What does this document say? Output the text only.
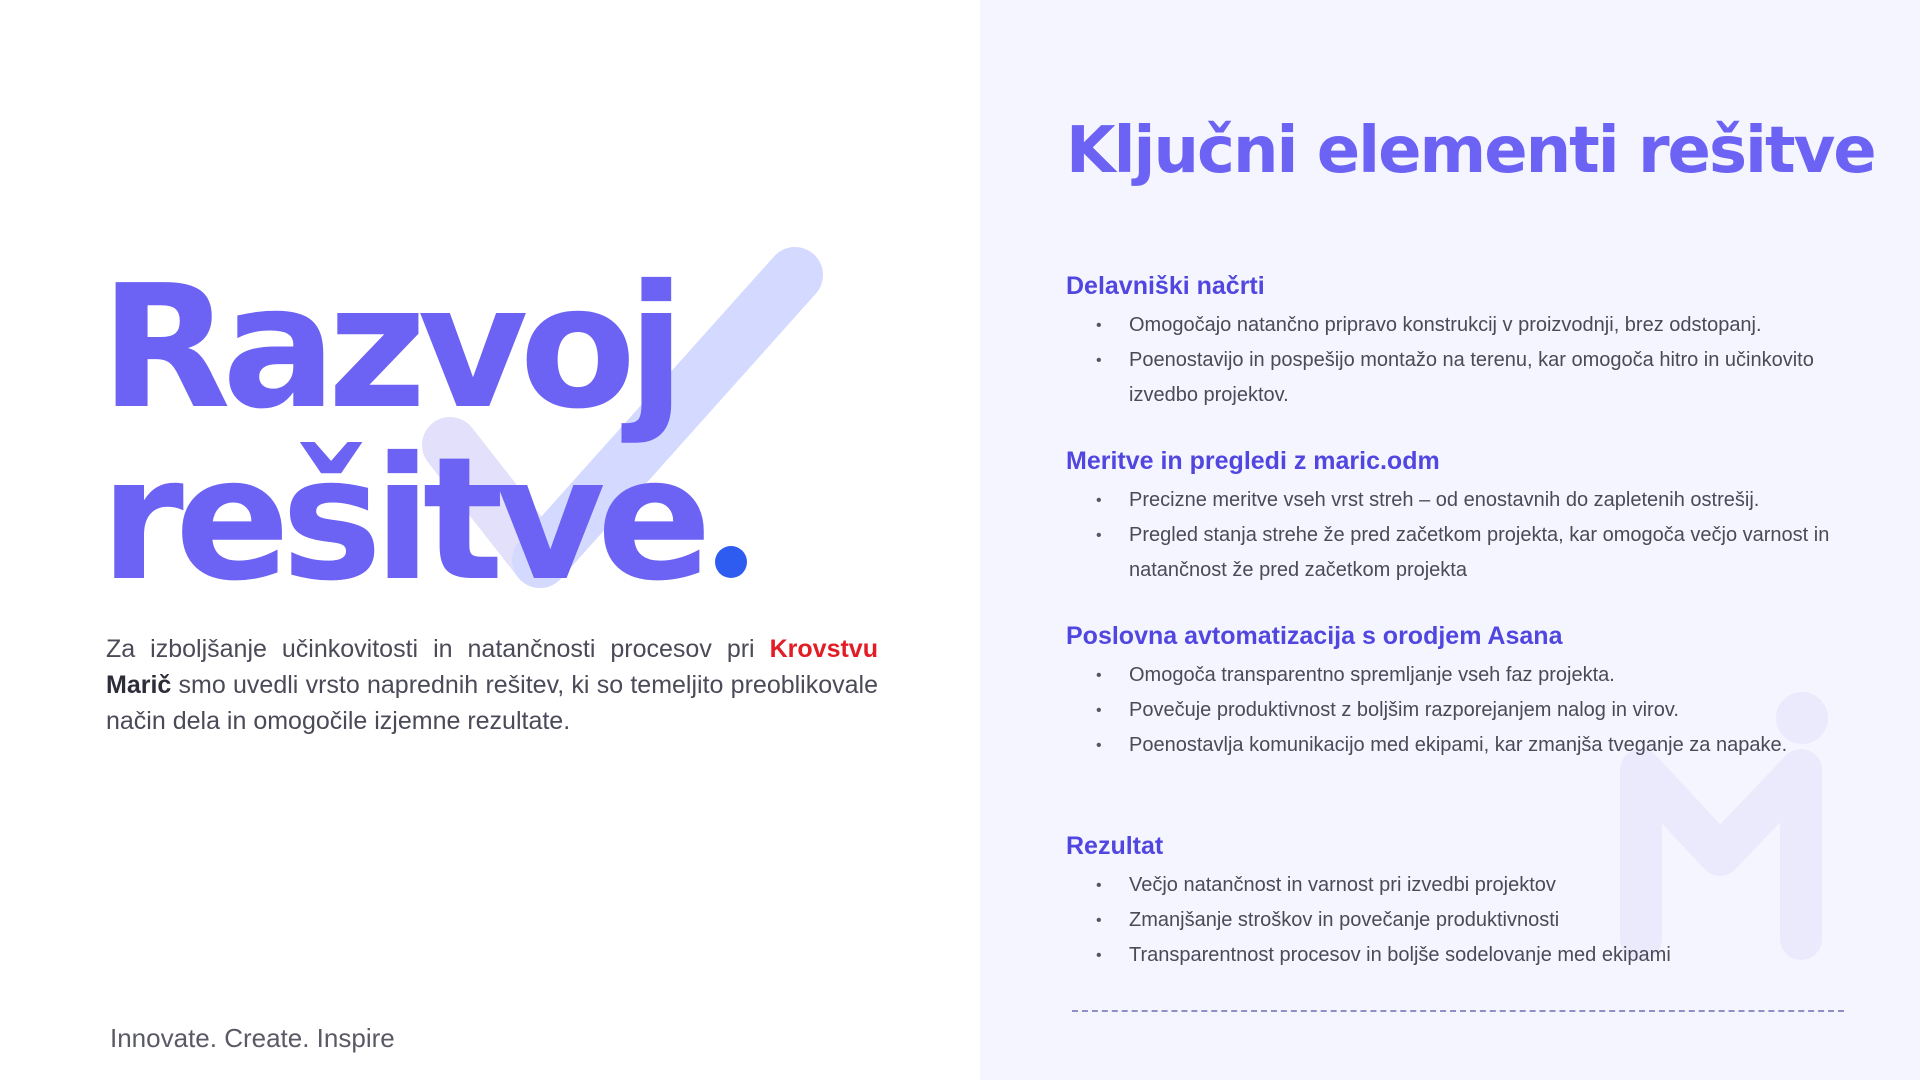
Razvoj
rešitve

Za izboljšanje učinkovitosti in natančnosti procesov pri Krovstvu Marič smo uvedli vrsto naprednih rešitev, ki so temeljito preoblikovale način dela in omogočile izjemne rezultate.

Innovate. Create. Inspire

Ključni elementi rešitve
Delavniški načrti
• Omogočajo natančno pripravo konstrukcij v proizvodnji, brez odstopanj.
• Poenostavijo in pospešijo montažo na terenu, kar omogoča hitro in učinkovito izvedbo projektov.
Meritve in pregledi z maric.odm
• Precizne meritve vseh vrst streh – od enostavnih do zapletenih ostrešij.
• Pregled stanja strehe že pred začetkom projekta, kar omogoča večjo varnost in natančnost že pred začetkom projekta
Poslovna avtomatizacija s orodjem Asana
• Omogoča transparentno spremljanje vseh faz projekta.
• Povečuje produktivnost z boljšim razporejanjem nalog in virov.
• Poenostavlja komunikacijo med ekipami, kar zmanjša tveganje za napake.
Rezultat
• Večjo natančnost in varnost pri izvedbi projektov
• Zmanjšanje stroškov in povečanje produktivnosti
• Transparentnost procesov in boljše sodelovanje med ekipami
